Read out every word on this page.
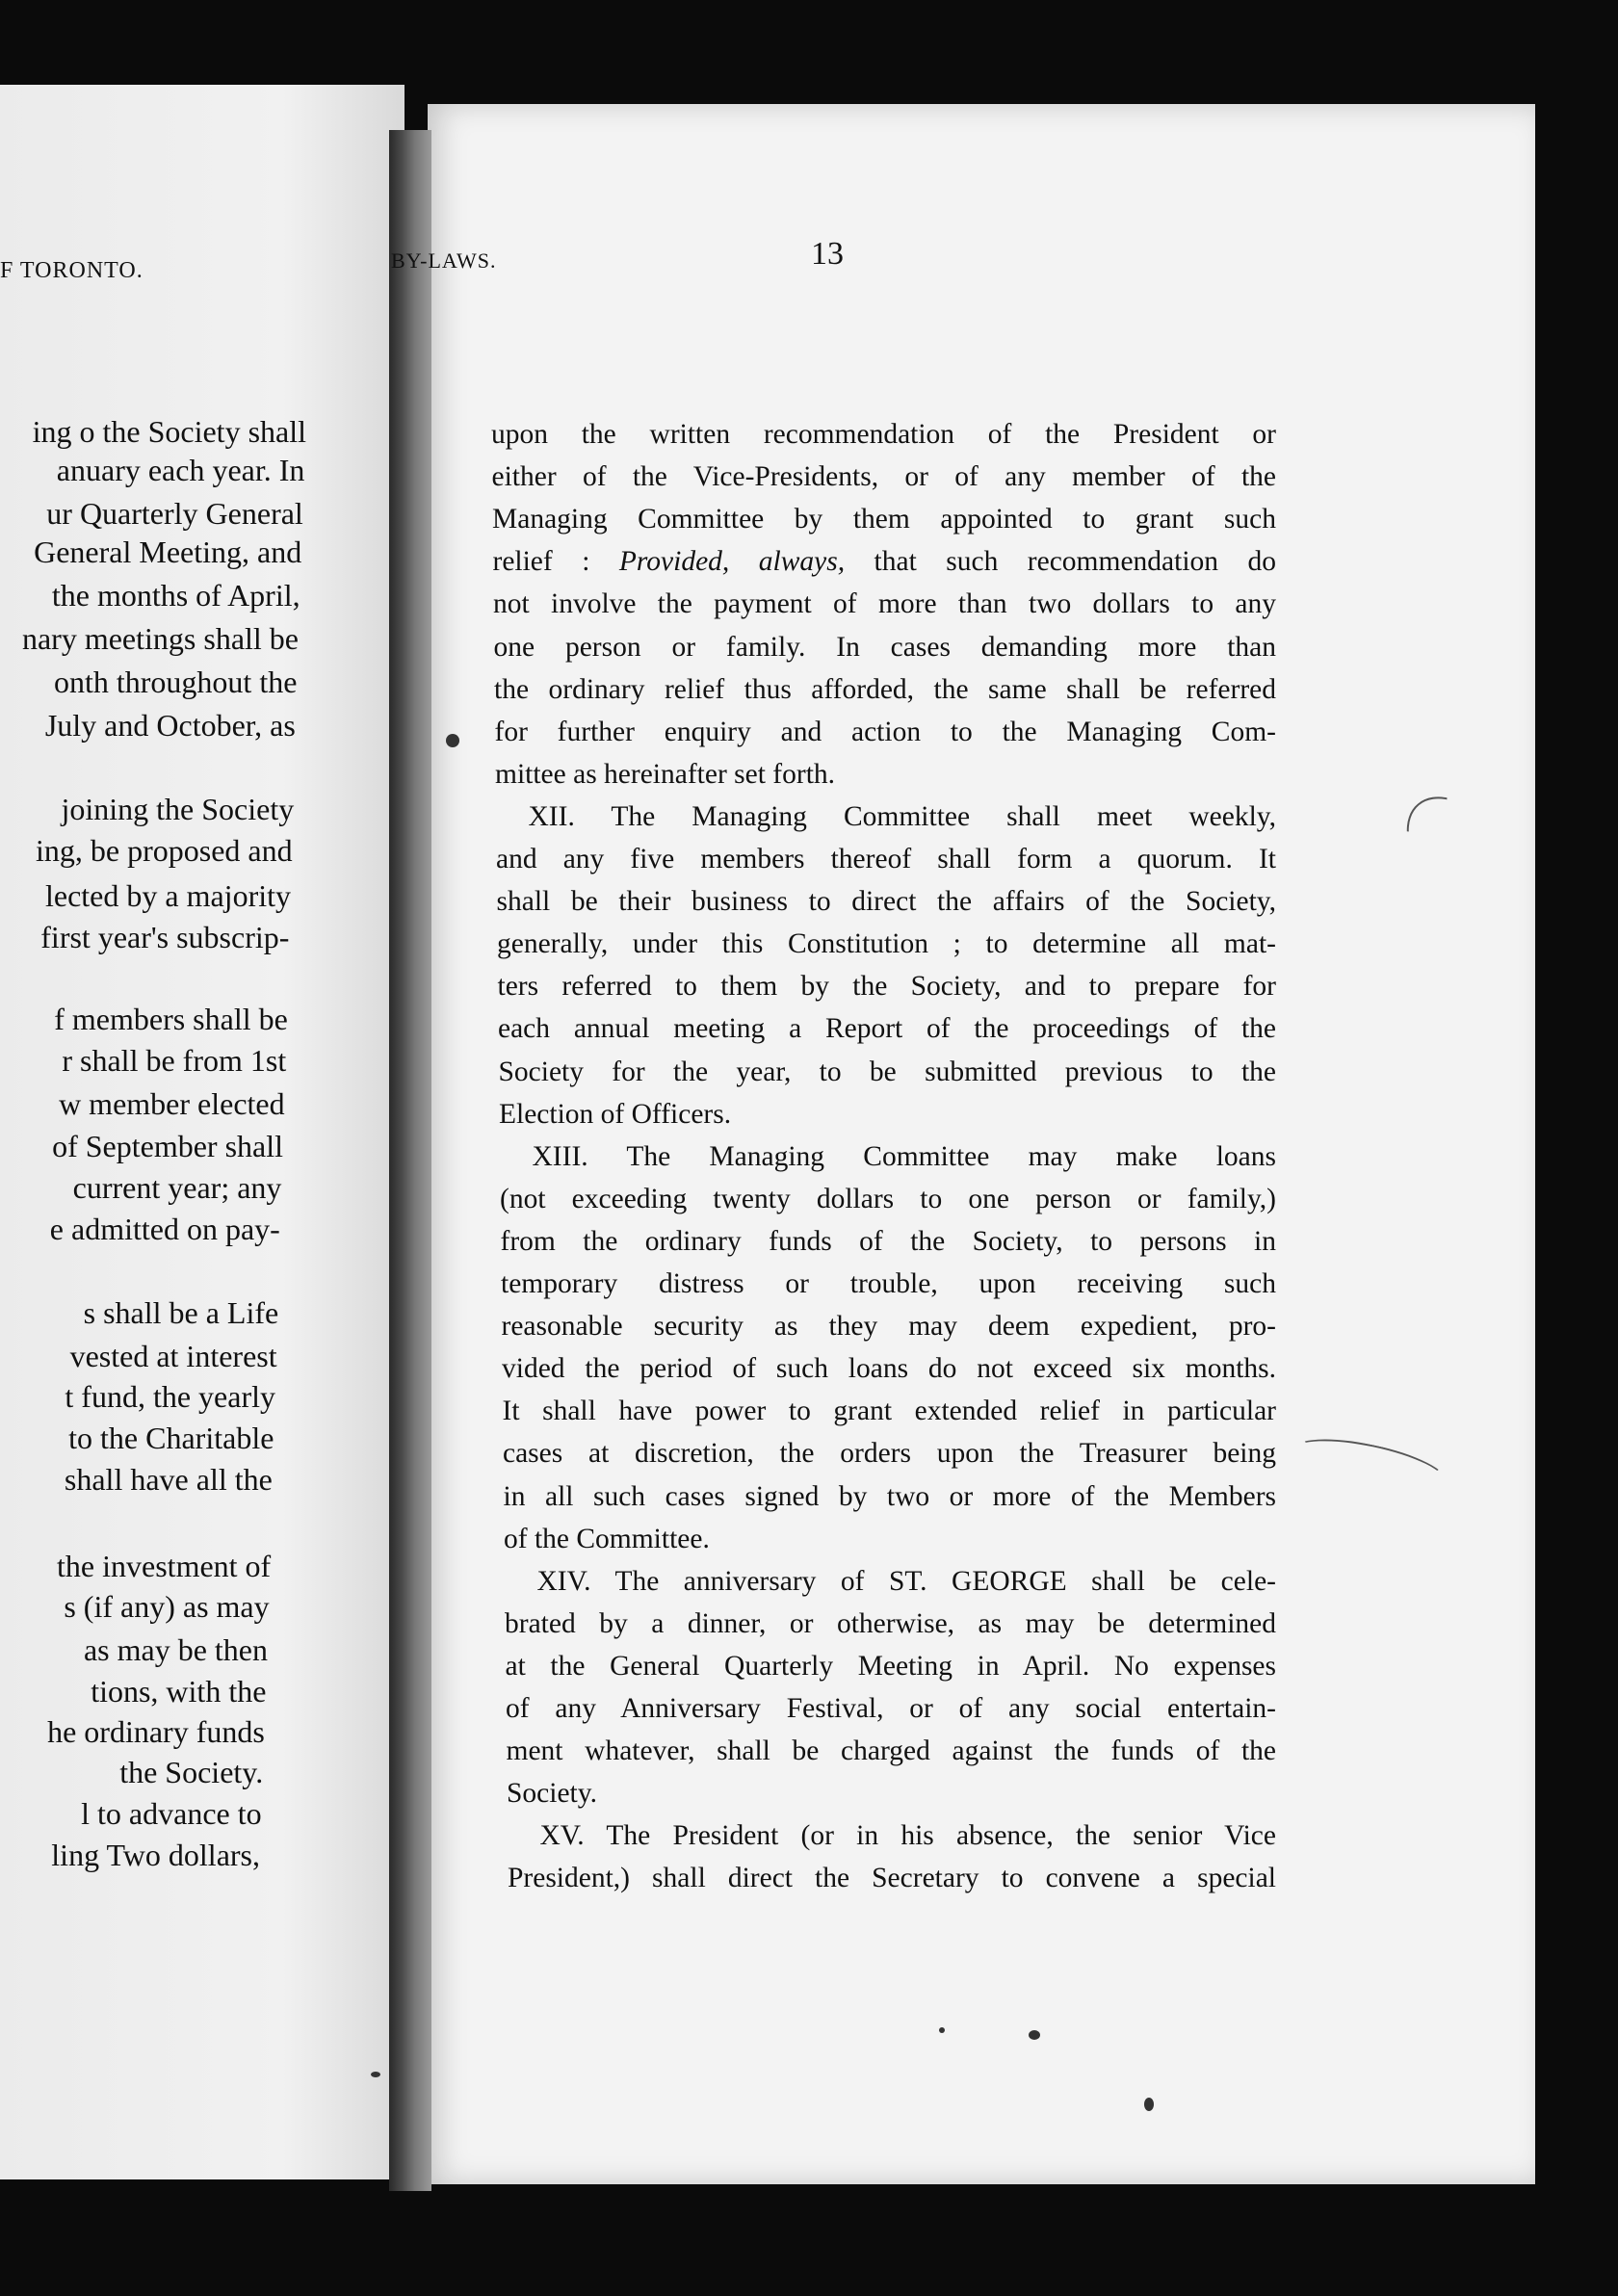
F TORONTO.
ing o the Society shall
anuary each year. In
ur Quarterly General
General Meeting, and
the months of April,
nary meetings shall be
onth throughout the
July and October, as
joining the Society
ing, be proposed and
lected by a majority
first year's subscrip-
f members shall be
r shall be from 1st
w member elected
of September shall
current year; any
e admitted on pay-
s shall be a Life
vested at interest
t fund, the yearly
to the Charitable
shall have all the
the investment of
s (if any) as may
as may be then
tions, with the
he ordinary funds
the Society.
l to advance to
ling Two dollars,
BY-LAWS.	13
upon the written recommendation of the President or
either of the Vice-Presidents, or of any member of the
Managing Committee by them appointed to grant such
relief : Provided, always, that such recommendation do
not involve the payment of more than two dollars to any
one person or family. In cases demanding more than
the ordinary relief thus afforded, the same shall be referred
for further enquiry and action to the Managing Com-
mittee as hereinafter set forth.
XII. The Managing Committee shall meet weekly,
and any five members thereof shall form a quorum. It
shall be their business to direct the affairs of the Society,
generally, under this Constitution ; to determine all mat-
ters referred to them by the Society, and to prepare for
each annual meeting a Report of the proceedings of the
Society for the year, to be submitted previous to the
Election of Officers.
XIII. The Managing Committee may make loans
(not exceeding twenty dollars to one person or family,)
from the ordinary funds of the Society, to persons in
temporary distress or trouble, upon receiving such
reasonable security as they may deem expedient, pro-
vided the period of such loans do not exceed six months.
It shall have power to grant extended relief in particular
cases at discretion, the orders upon the Treasurer being
in all such cases signed by two or more of the Members
of the Committee.
XIV. The anniversary of ST. GEORGE shall be cele-
brated by a dinner, or otherwise, as may be determined
at the General Quarterly Meeting in April. No expenses
of any Anniversary Festival, or of any social entertain-
ment whatever, shall be charged against the funds of the
Society.
XV. The President (or in his absence, the senior Vice
President,) shall direct the Secretary to convene a special
